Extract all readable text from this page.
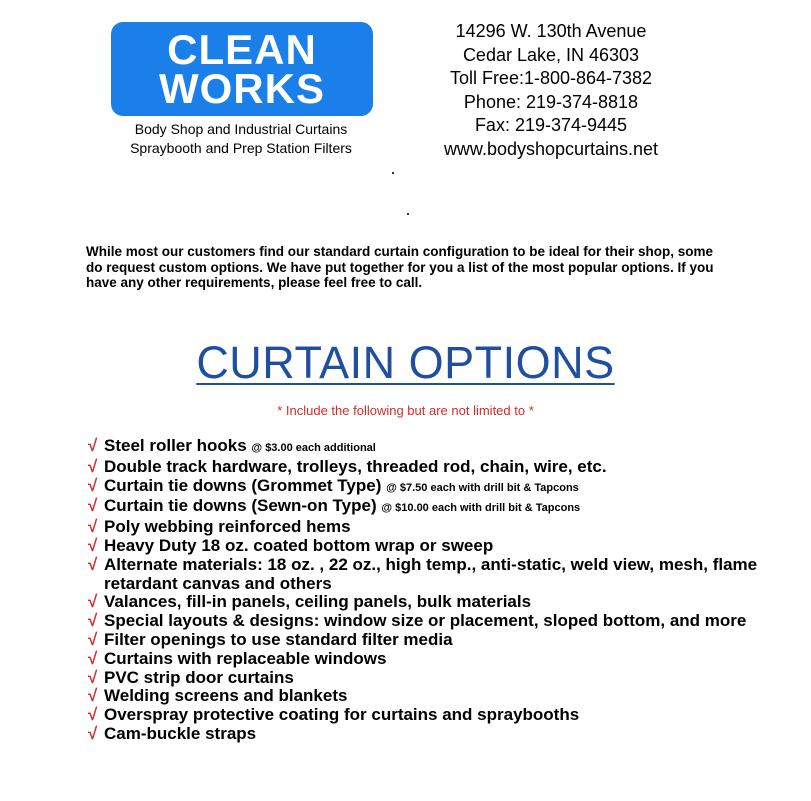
CLEAN
WORKS
Body Shop and Industrial Curtains
Spraybooth and Prep Station Filters
14296 W. 130th Avenue
Cedar Lake, IN 46303
Toll Free:1-800-864-7382
Phone: 219-374-8818
Fax: 219-374-9445
www.bodyshopcurtains.net
While most our customers find our standard curtain configuration to be ideal for their shop, some do request custom options. We have put together for you a list of the most popular options. If you have any other requirements, please feel free to call.
CURTAIN OPTIONS
* Include the following but are not limited to *
√ Steel roller hooks @ $3.00 each additional
√ Double track hardware, trolleys, threaded rod, chain, wire, etc.
√ Curtain tie downs (Grommet Type) @ $7.50 each with drill bit & Tapcons
√ Curtain tie downs (Sewn-on Type) @ $10.00 each with drill bit & Tapcons
√ Poly webbing reinforced hems
√ Heavy Duty 18 oz. coated bottom wrap or sweep
√ Alternate materials: 18 oz. , 22 oz., high temp., anti-static, weld view, mesh, flame retardant canvas and others
√ Valances, fill-in panels, ceiling panels, bulk materials
√ Special layouts & designs: window size or placement, sloped bottom, and more
√ Filter openings to use standard filter media
√ Curtains with replaceable windows
√ PVC strip door curtains
√ Welding screens and blankets
√ Overspray protective coating for curtains and spraybooths
√ Cam-buckle straps
